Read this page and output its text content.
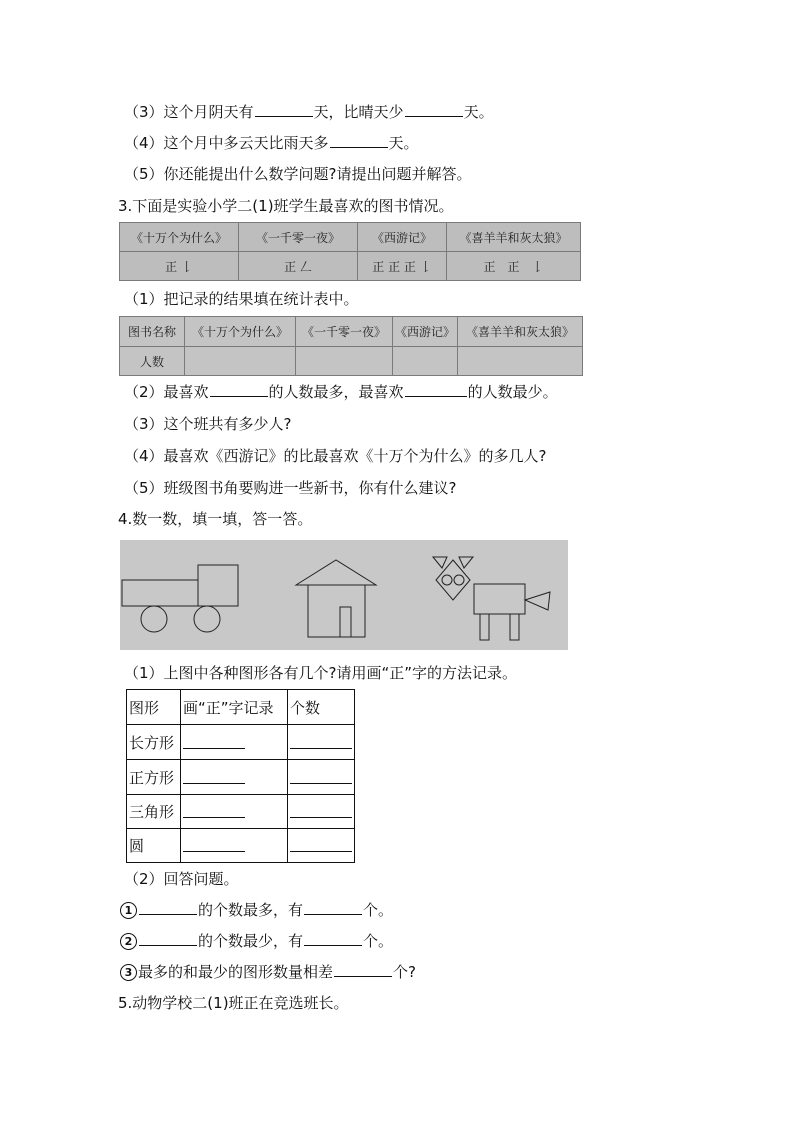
（3）这个月阴天有	天，比晴天少	天。
（4）这个月中多云天比雨天多	天。
（5）你还能提出什么数学问题?请提出问题并解答。
3.下面是实验小学二(1)班学生最喜欢的图书情况。
《十万个为什么》	《一千零一夜》	《西游记》	《喜羊羊和灰太狼》
正 𠄌	正 𠃋	正 正 正 𠄌	正　正　𠄌
（1）把记录的结果填在统计表中。
图书名称	《十万个为什么》	《一千零一夜》	《西游记》	《喜羊羊和灰太狼》
人数				
（2）最喜欢	的人数最多，最喜欢	的人数最少。
（3）这个班共有多少人?
（4）最喜欢《西游记》的比最喜欢《十万个为什么》的多几人?
（5）班级图书角要购进一些新书，你有什么建议?
4.数一数，填一填，答一答。
（1）上图中各种图形各有几个?请用画“正”字的方法记录。
图形	画“正”字记录	个数
长方形		
正方形		
三角形		
圆		
（2）回答问题。
1	的个数最多，有	个。
2	的个数最少，有	个。
3 最多的和最少的图形数量相差	个?
5.动物学校二(1)班正在竞选班长。
